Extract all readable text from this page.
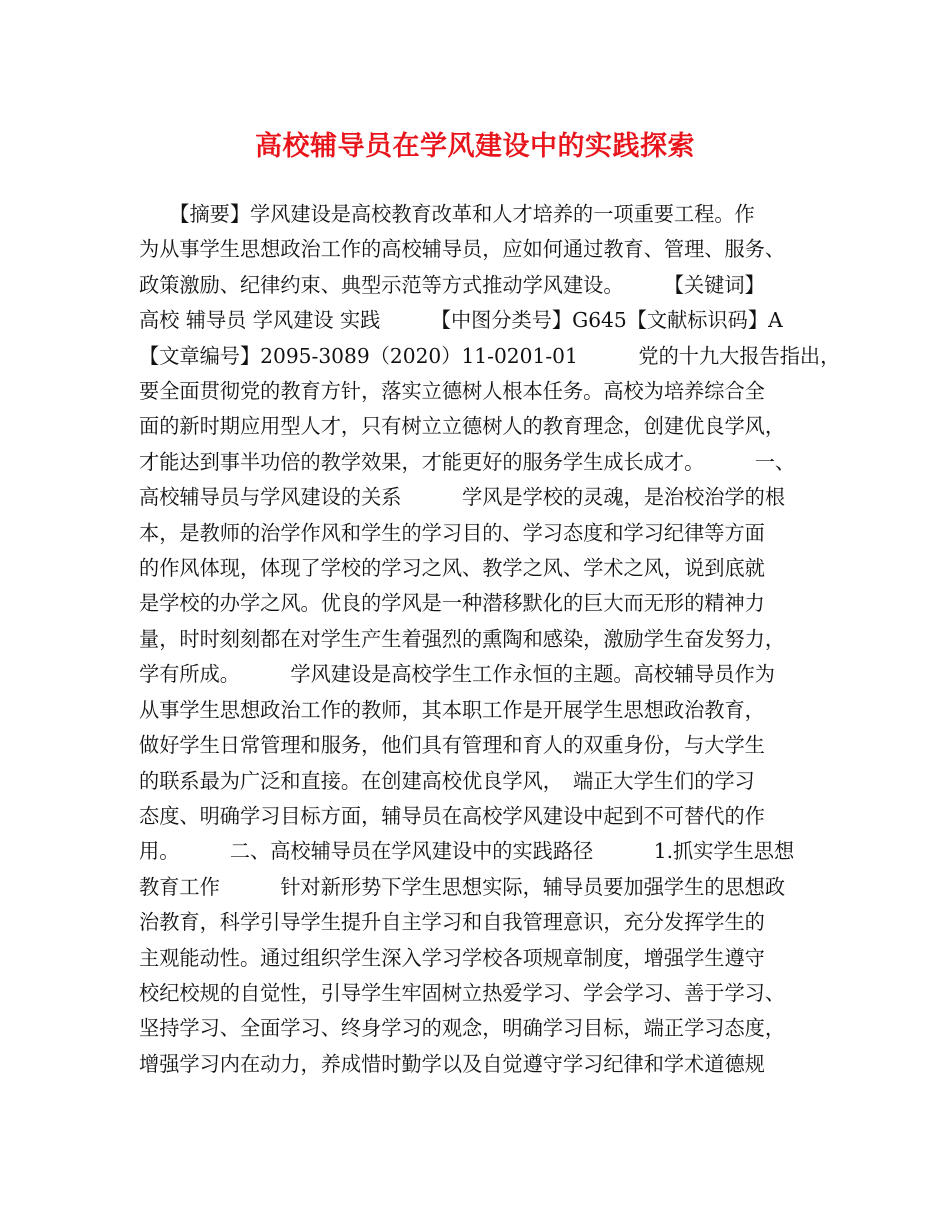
高校辅导员在学风建设中的实践探索
　　【摘要】学风建设是高校教育改革和人才培养的一项重要工程。作
为从事学生思想政治工作的高校辅导员，应如何通过教育、管理、服务、
政策激励、纪律约束、典型示范等方式推动学风建设。　　　【关键词】
高校 辅导员 学风建设 实践　　　【中图分类号】G645【文献标识码】A
【文章编号】2095-3089（2020）11-0201-01　　　党的十九大报告指出，
要全面贯彻党的教育方针，落实立德树人根本任务。高校为培养综合全
面的新时期应用型人才，只有树立立德树人的教育理念，创建优良学风，
才能达到事半功倍的教学效果，才能更好的服务学生成长成才。　　　一、
高校辅导员与学风建设的关系　　　学风是学校的灵魂，是治校治学的根
本，是教师的治学作风和学生的学习目的、学习态度和学习纪律等方面
的作风体现，体现了学校的学习之风、教学之风、学术之风，说到底就
是学校的办学之风。优良的学风是一种潜移默化的巨大而无形的精神力
量，时时刻刻都在对学生产生着强烈的熏陶和感染，激励学生奋发努力，
学有所成。　　　学风建设是高校学生工作永恒的主题。高校辅导员作为
从事学生思想政治工作的教师，其本职工作是开展学生思想政治教育，
做好学生日常管理和服务，他们具有管理和育人的双重身份，与大学生
的联系最为广泛和直接。在创建高校优良学风，　端正大学生们的学习
态度、明确学习目标方面，辅导员在高校学风建设中起到不可替代的作
用。　　　二、高校辅导员在学风建设中的实践路径　　　1.抓实学生思想
教育工作　　　针对新形势下学生思想实际，辅导员要加强学生的思想政
治教育，科学引导学生提升自主学习和自我管理意识，充分发挥学生的
主观能动性。通过组织学生深入学习学校各项规章制度，增强学生遵守
校纪校规的自觉性，引导学生牢固树立热爱学习、学会学习、善于学习、
坚持学习、全面学习、终身学习的观念，明确学习目标，端正学习态度，
增强学习内在动力，养成惜时勤学以及自觉遵守学习纪律和学术道德规
